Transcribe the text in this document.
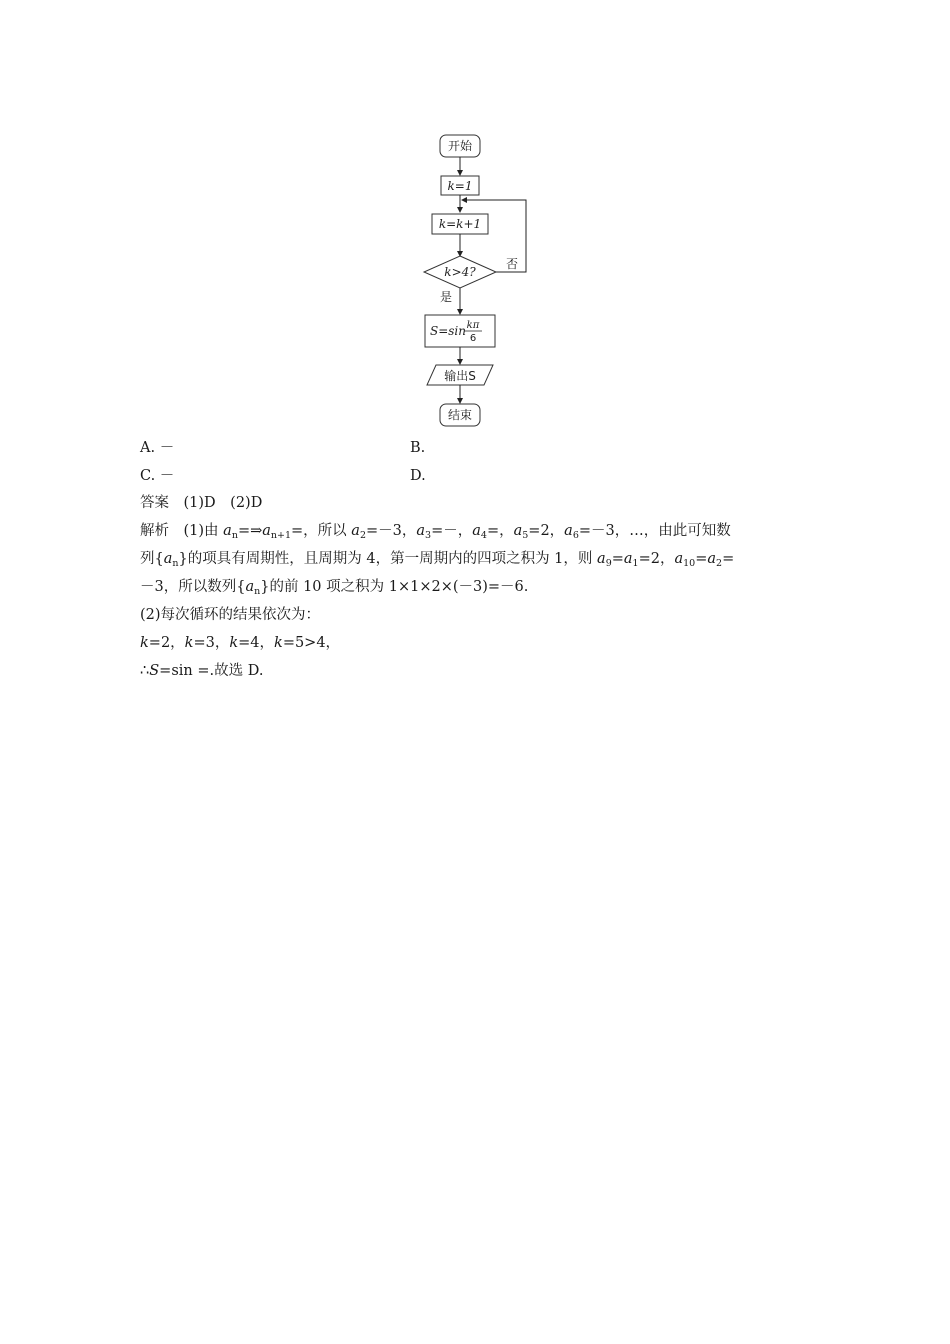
开始
k=1
k=k+1
k>4?
否
是
S=sin kπ
6
输出S
结束
A. －	B.
C. －	D.
答案　 (1)D　(2)D
解析　 (1)由 $a_n=\Rightarrow a_{n+1}=$，所以 $a_2=-3$，$a_3=-$，$a_4=$，$a_5=2$，$a_6=-3$，…，由此可知数
列$\{a_n\}$的项具有周期性，且周期为 4，第一周期内的四项之积为 1，则 $a_9=a_1=2$，$a_{10}=a_2=$
－3，所以数列$\{a_n\}$的前 10 项之积为 1×1×2×(－3)=－6.
(2)每次循环的结果依次为：
k=2，k=3，k=4，k=5>4，
∴S=sin =.故选 D.
